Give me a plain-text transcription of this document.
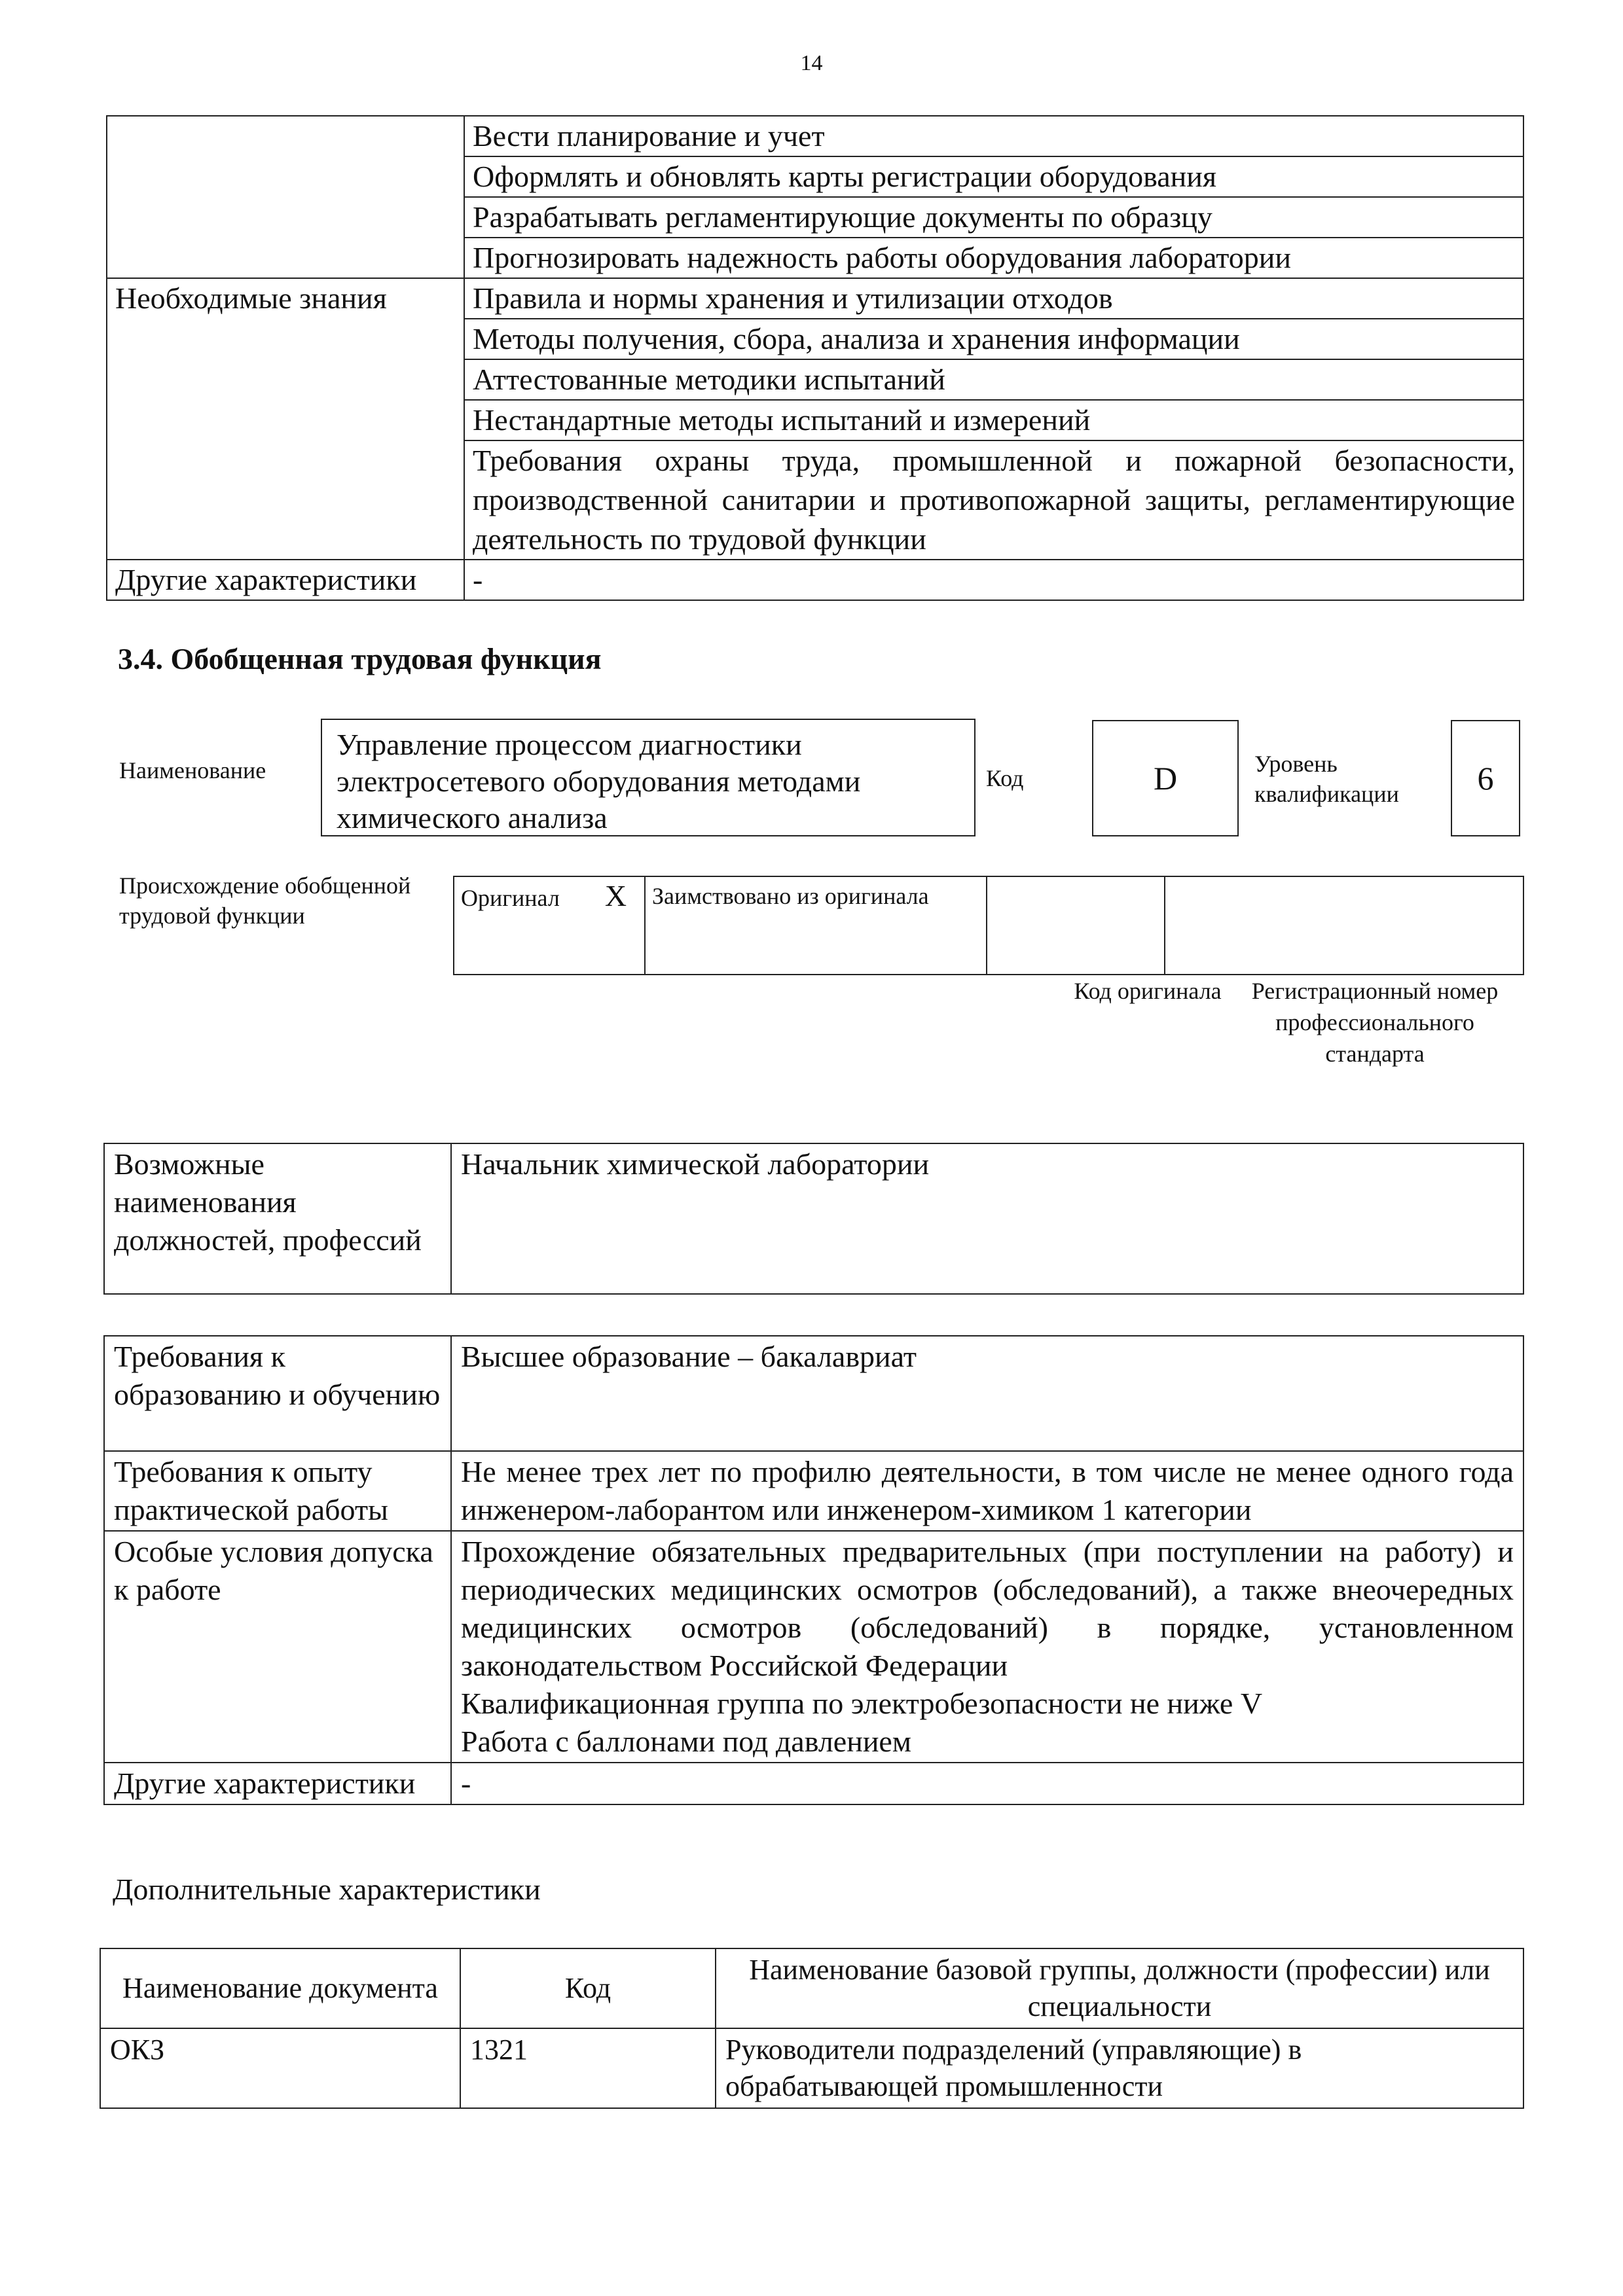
14
	Вести планирование и учет
	Оформлять и обновлять карты регистрации оборудования
	Разрабатывать регламентирующие документы по образцу
	Прогнозировать надежность работы оборудования лаборатории
Необходимые знания	Правила и нормы хранения и утилизации отходов
	Методы получения, сбора, анализа и хранения информации
	Аттестованные методики испытаний
	Нестандартные методы испытаний и измерений
	Требования охраны труда, промышленной и пожарной безопасности, производственной санитарии и противопожарной защиты, регламентирующие деятельность по трудовой функции
Другие характеристики	-
3.4. Обобщенная трудовая функция
Наименование
Управление процессом диагностики электросетевого оборудования методами химического анализа
Код	D	Уровень квалификации	6
Происхождение обобщенной трудовой функции
Оригинал X	Заимствовано из оригинала		
Код оригинала	Регистрационный номер профессионального стандарта
Возможные наименования должностей, профессий	Начальник химической лаборатории
Требования к образованию и обучению	Высшее образование – бакалавриат
Требования к опыту практической работы	Не менее трех лет по профилю деятельности, в том числе не менее одного года инженером-лаборантом или инженером-химиком 1 категории
Особые условия допуска к работе	Прохождение обязательных предварительных (при поступлении на работу) и периодических медицинских осмотров (обследований), а также внеочередных медицинских осмотров (обследований) в порядке, установленном законодательством Российской Федерации
Квалификационная группа по электробезопасности не ниже V
Работа с баллонами под давлением

Другие характеристики	-
Дополнительные характеристики
Наименование документа	Код	Наименование базовой группы, должности (профессии) или специальности
ОКЗ	1321	Руководители подразделений (управляющие) в обрабатывающей промышленности
